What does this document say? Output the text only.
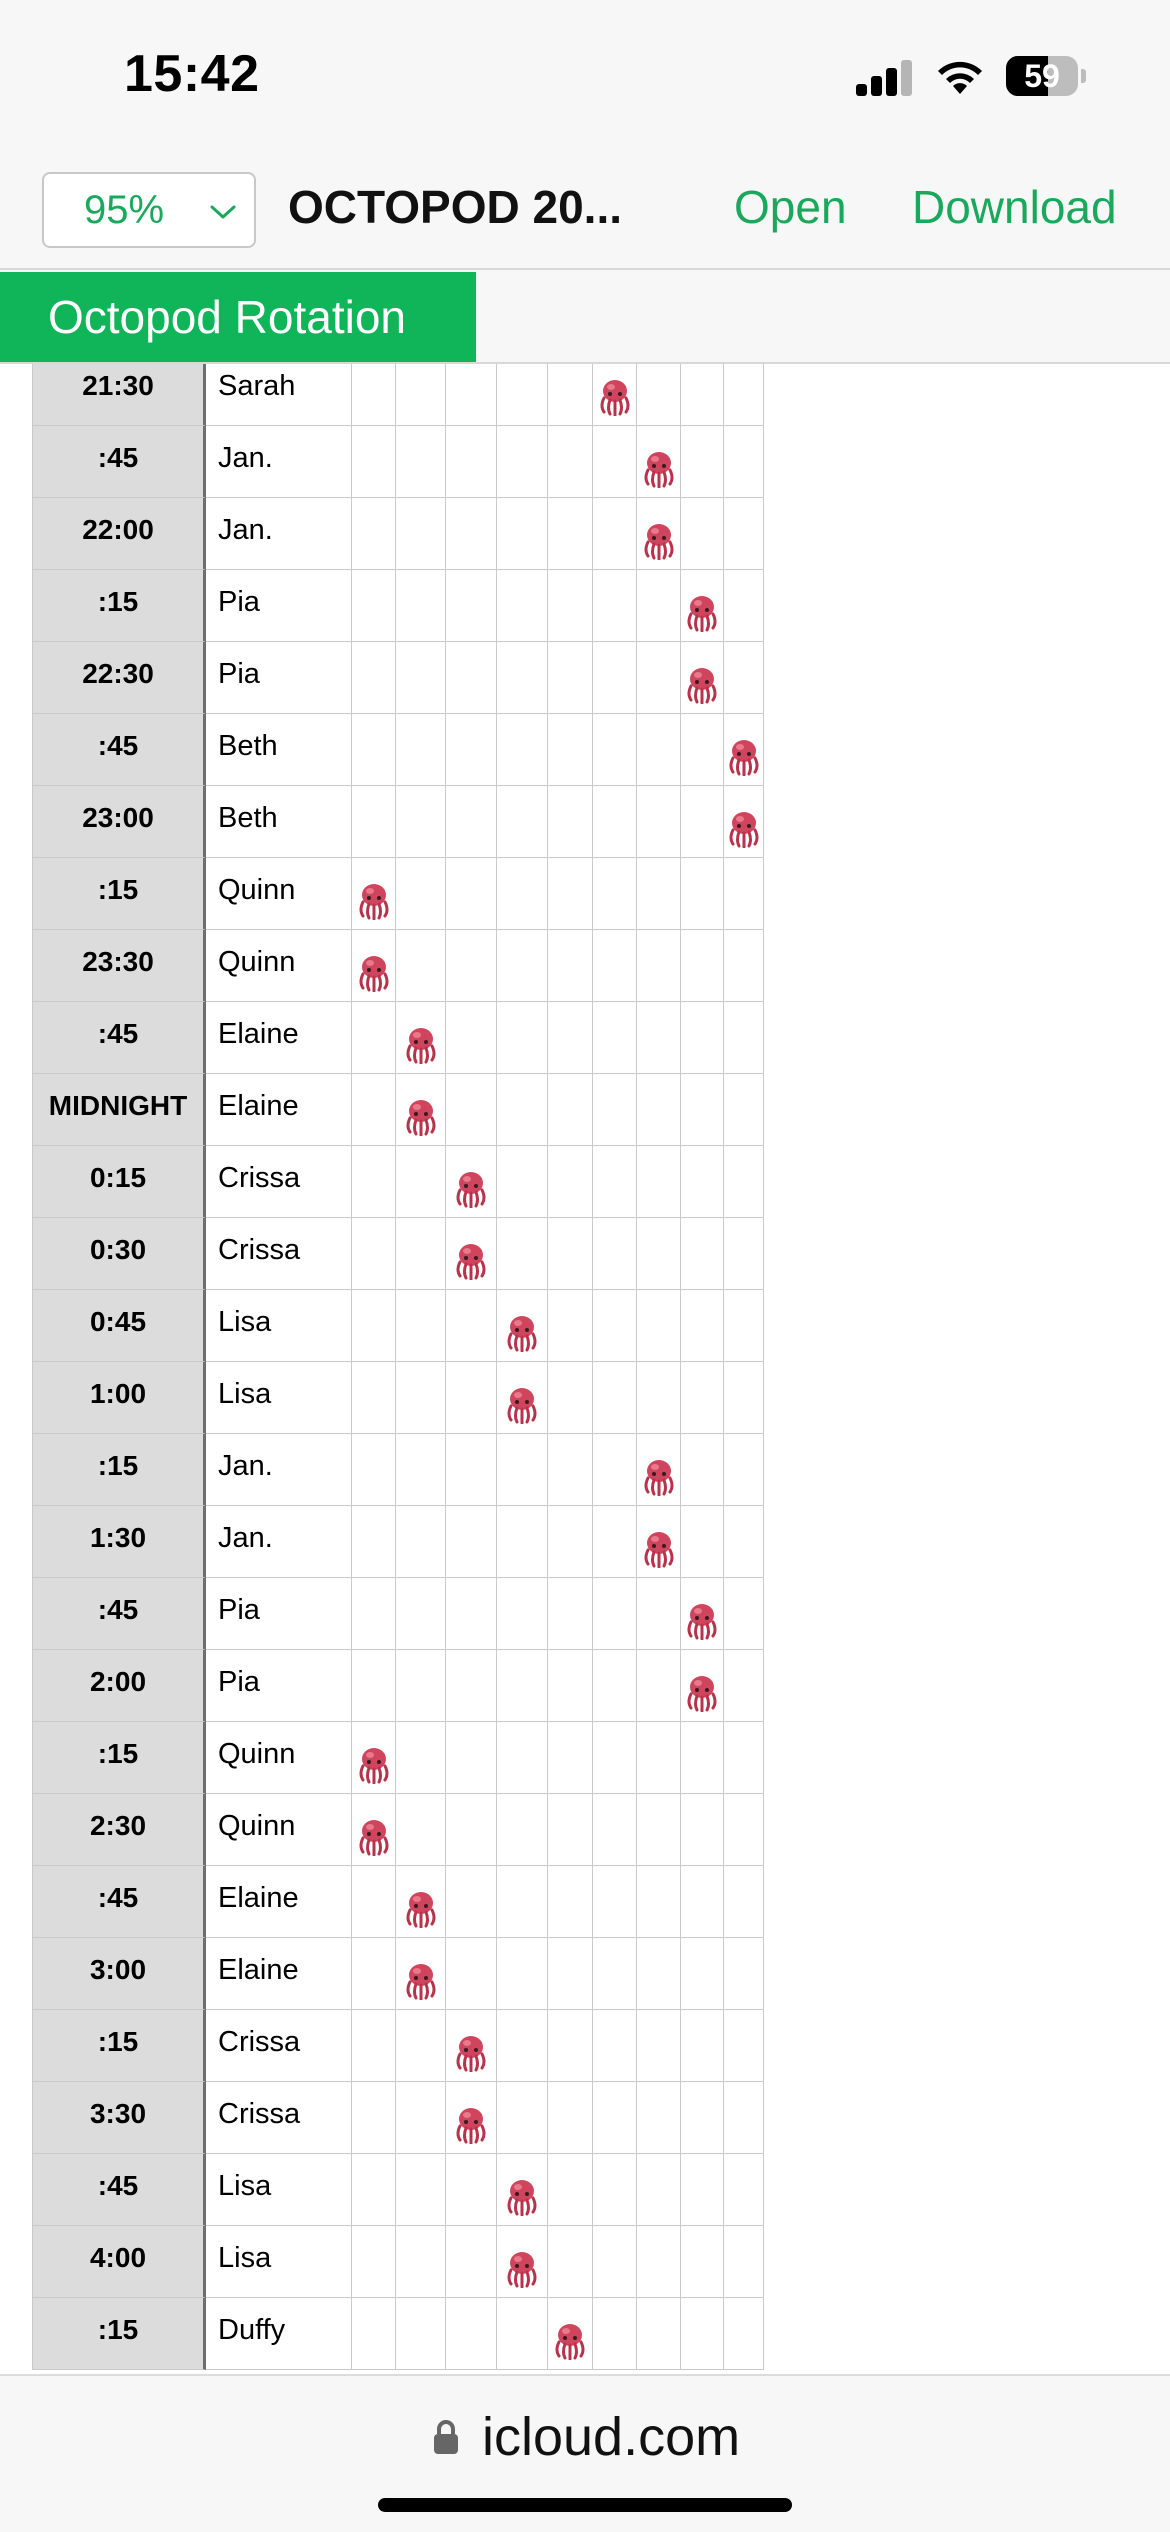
15:42	59
95%	OCTOPOD 20... Open Download
Octopod Rotation
21:30	Sarah
:45	Jan.
22:00	Jan.
:15	Pia
22:30	Pia
:45	Beth
23:00	Beth
:15	Quinn
23:30	Quinn
:45	Elaine
MIDNIGHT	Elaine
0:15	Crissa
0:30	Crissa
0:45	Lisa
1:00	Lisa
:15	Jan.
1:30	Jan.
:45	Pia
2:00	Pia
:15	Quinn
2:30	Quinn
:45	Elaine
3:00	Elaine
:15	Crissa
3:30	Crissa
:45	Lisa
4:00	Lisa
:15	Duffy
icloud.com
